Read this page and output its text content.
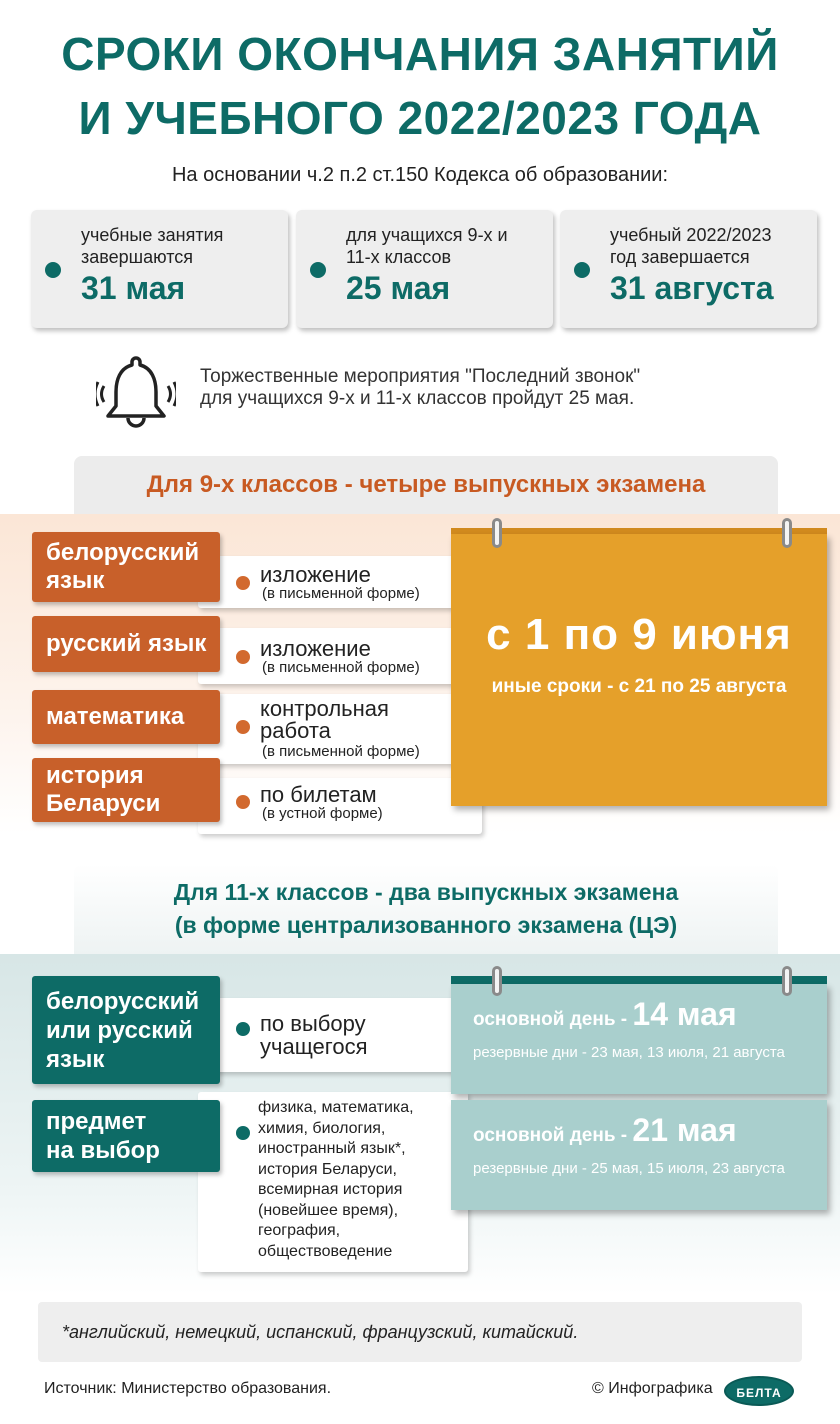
СРОКИ ОКОНЧАНИЯ ЗАНЯТИЙ
И УЧЕБНОГО 2022/2023 ГОДА
На основании ч.2 п.2 ст.150 Кодекса об образовании:
учебные занятия
завершаются
31 мая
для учащихся 9-х и
11-х классов
25 мая
учебный 2022/2023
год завершается
31 августа
Торжественные мероприятия "Последний звонок"
для учащихся 9-х и 11-х классов пройдут 25 мая.
Для 9-х классов - четыре выпускных экзамена
изложение
(в письменной форме)
белорусский
язык
изложение
(в письменной форме)
русский язык
контрольная
работа
(в письменной форме)
математика
по билетам
(в устной форме)
история
Беларуси
с 1 по 9 июня
иные сроки - с 21 по 25 августа
Для 11-х классов - два выпускных экзамена
(в форме централизованного экзамена (ЦЭ)
по выбору
учащегося
белорусский
или русский
язык
физика, математика,
химия, биология,
иностранный язык*,
история Беларуси,
всемирная история
(новейшее время),
география,
обществоведение
предмет
на выбор
основной день - 14 мая
резервные дни - 23 мая, 13 июля, 21 августа
основной день - 21 мая
резервные дни - 25 мая, 15 июля, 23 августа
*английский, немецкий, испанский, французский, китайский.
Источник: Министерство образования.	© Инфографика	БЕЛТА
